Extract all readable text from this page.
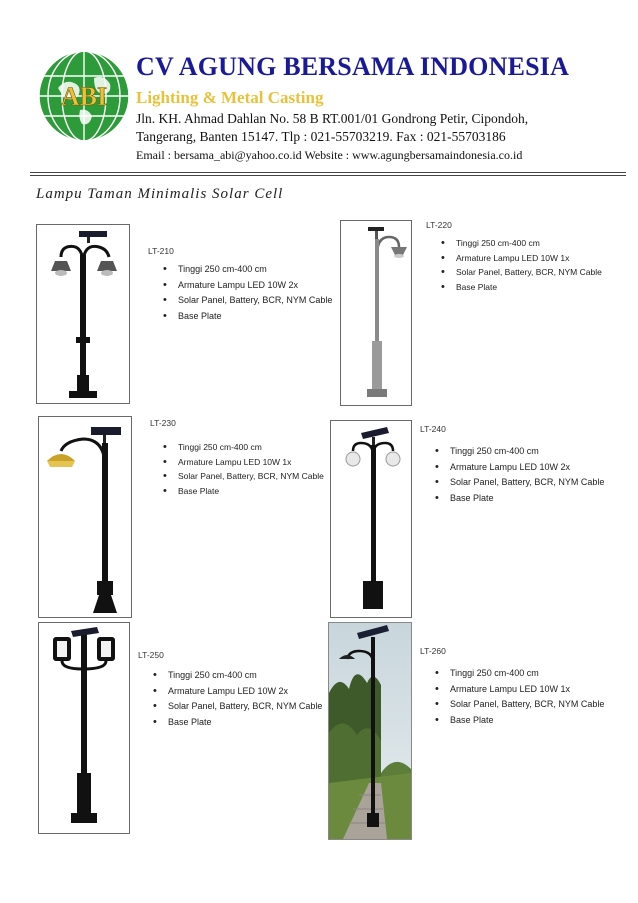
ABI
CV AGUNG BERSAMA INDONESIA
Lighting & Metal Casting
Jln. KH. Ahmad Dahlan No. 58 B RT.001/01 Gondrong Petir, Cipondoh,
Tangerang, Banten 15147. Tlp : 021-55703219. Fax : 021-55703186
Email : bersama_abi@yahoo.co.id Website : www.agungbersamaindonesia.co.id
Lampu Taman Minimalis Solar Cell
LT-210
• Tinggi 250 cm-400 cm
• Armature Lampu LED 10W 2x
• Solar Panel, Battery, BCR, NYM Cable
• Base Plate
LT-220
• Tinggi 250 cm-400 cm
• Armature Lampu LED 10W 1x
• Solar Panel, Battery, BCR, NYM Cable
• Base Plate
LT-230
• Tinggi 250 cm-400 cm
• Armature Lampu LED 10W 1x
• Solar Panel, Battery, BCR, NYM Cable
• Base Plate
LT-240
• Tinggi 250 cm-400 cm
• Armature Lampu LED 10W 2x
• Solar Panel, Battery, BCR, NYM Cable
• Base Plate
LT-250
• Tinggi 250 cm-400 cm
• Armature Lampu LED 10W 2x
• Solar Panel, Battery, BCR, NYM Cable
• Base Plate
LT-260
• Tinggi 250 cm-400 cm
• Armature Lampu LED 10W 1x
• Solar Panel, Battery, BCR, NYM Cable
• Base Plate
